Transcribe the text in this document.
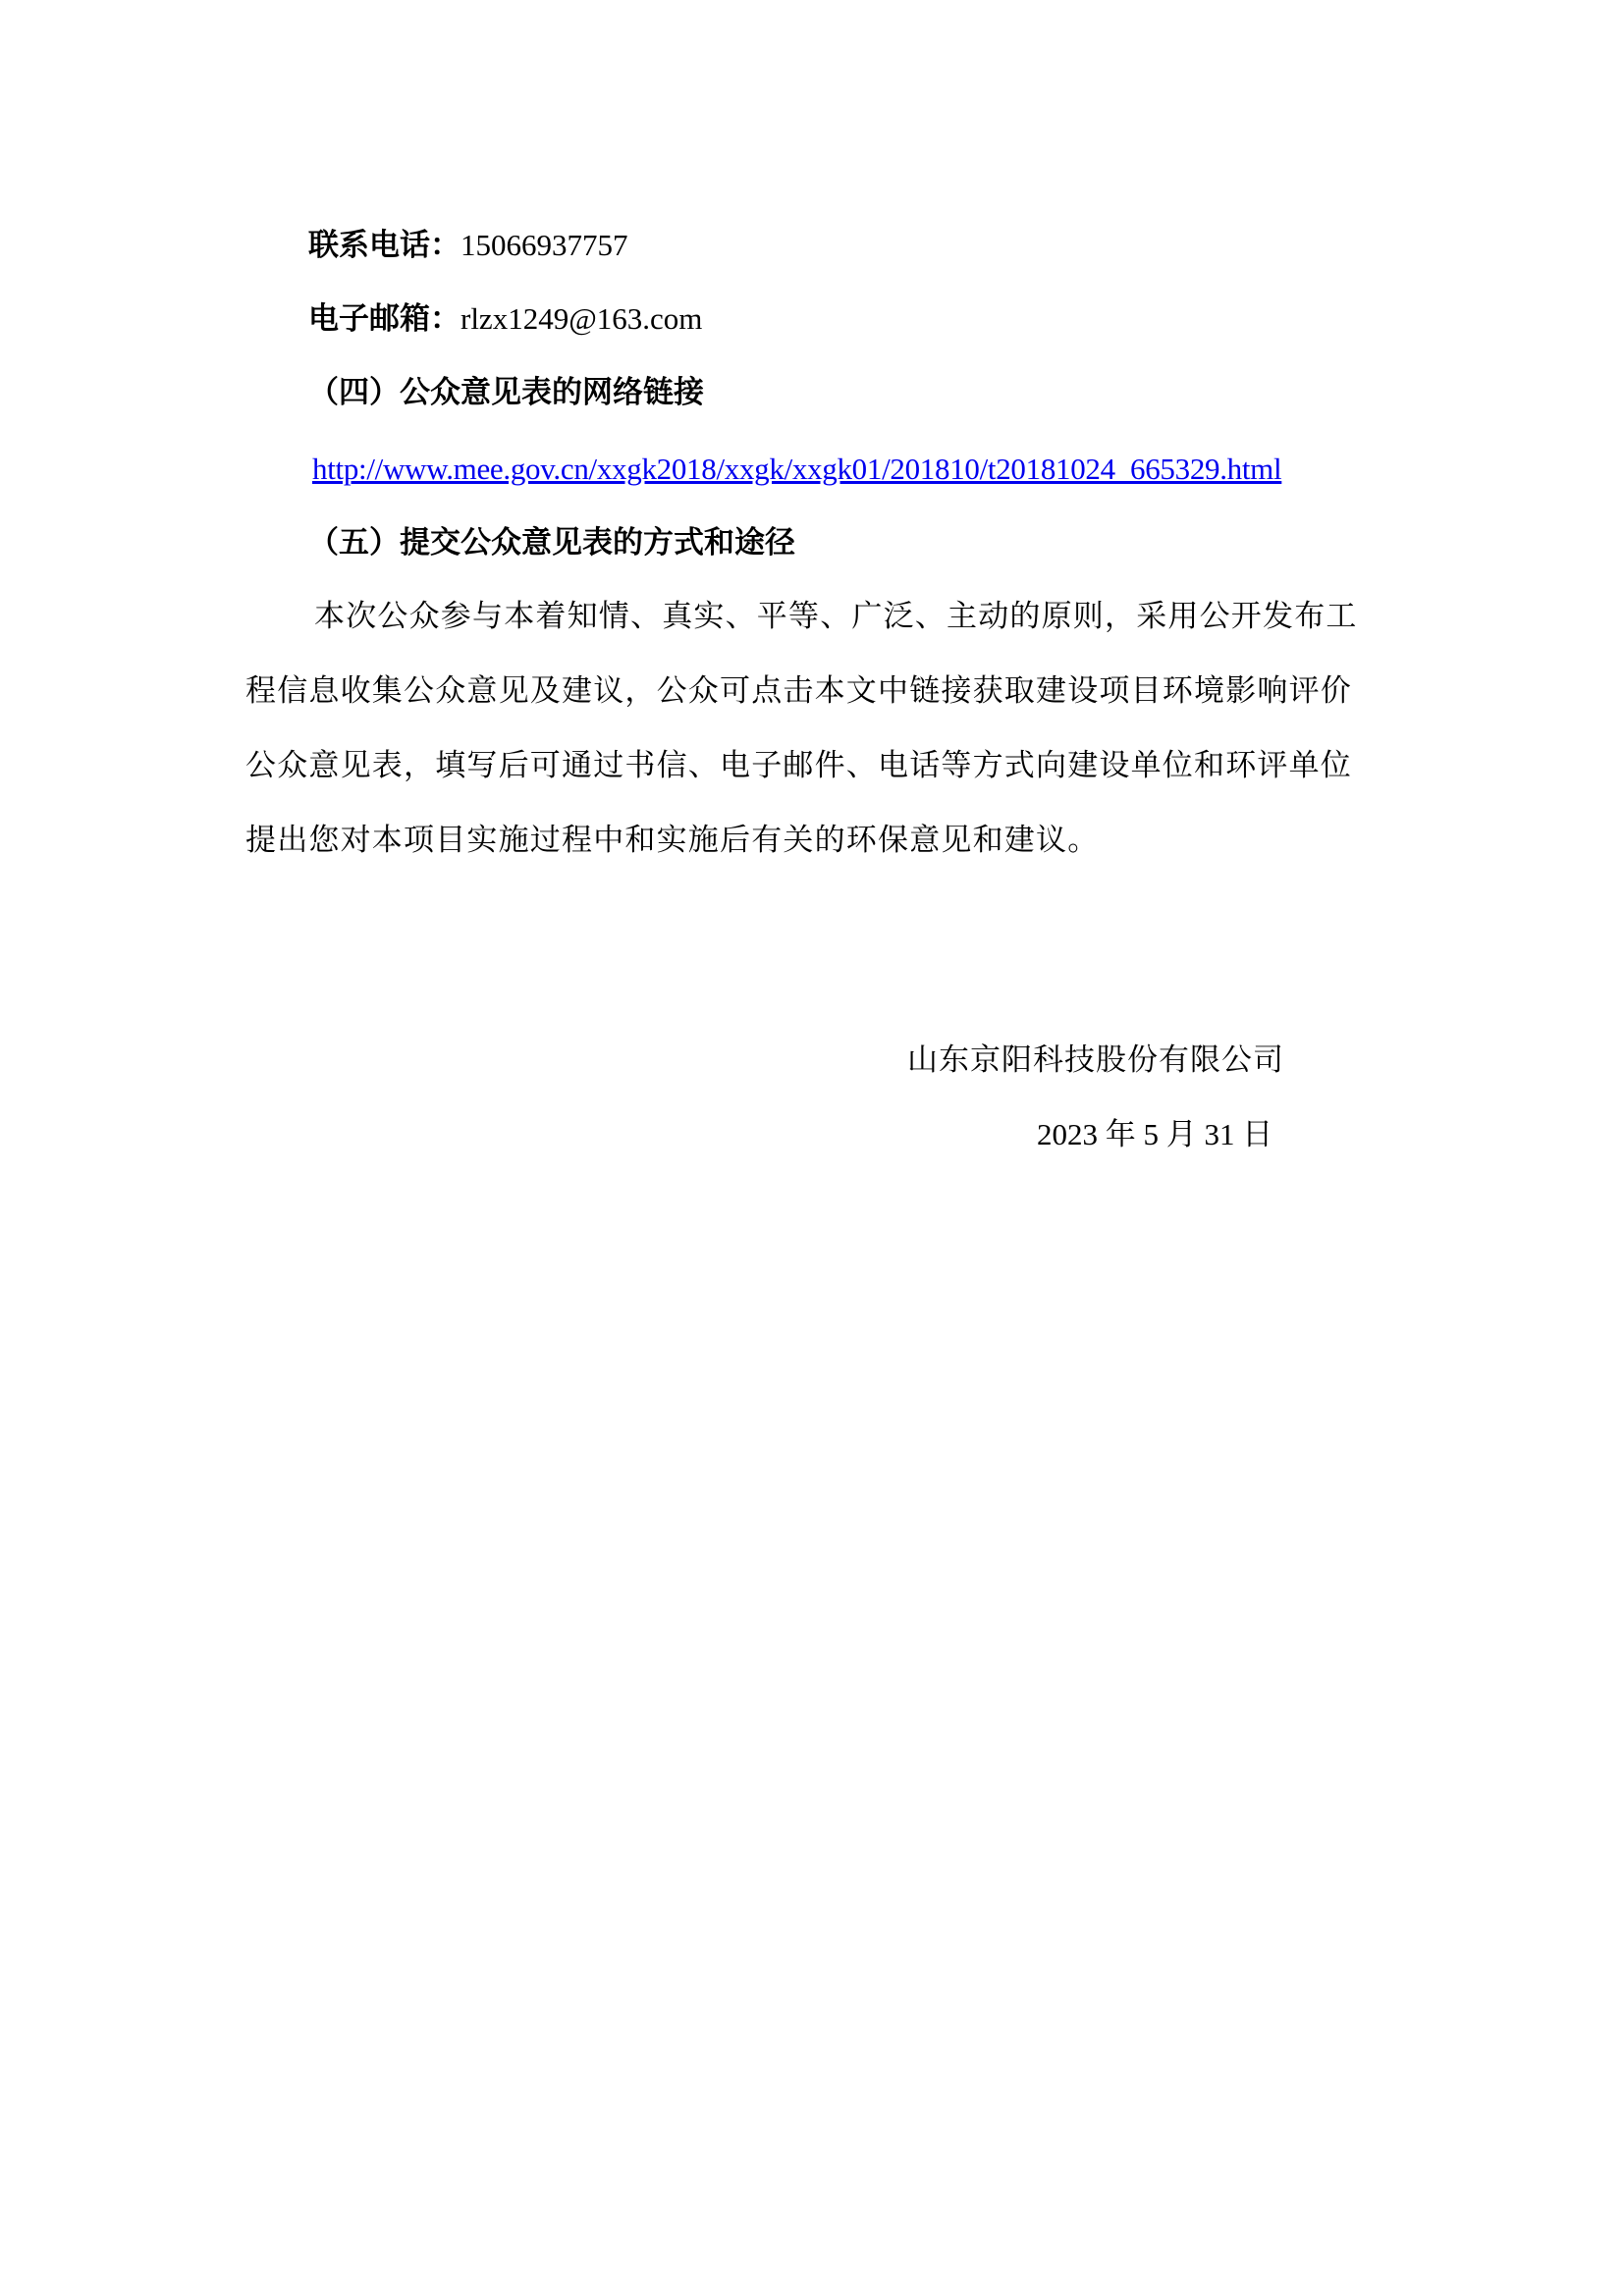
联系电话：15066937757
电子邮箱：rlzx1249@163.com
（四）公众意见表的网络链接
http://www.mee.gov.cn/xxgk2018/xxgk/xxgk01/201810/t20181024_665329.html
（五）提交公众意见表的方式和途径
本次公众参与本着知情、真实、平等、广泛、主动的原则，采用公开发布工
程信息收集公众意见及建议，公众可点击本文中链接获取建设项目环境影响评价
公众意见表，填写后可通过书信、电子邮件、电话等方式向建设单位和环评单位
提出您对本项目实施过程中和实施后有关的环保意见和建议。
山东京阳科技股份有限公司
2023 年 5 月 31 日
